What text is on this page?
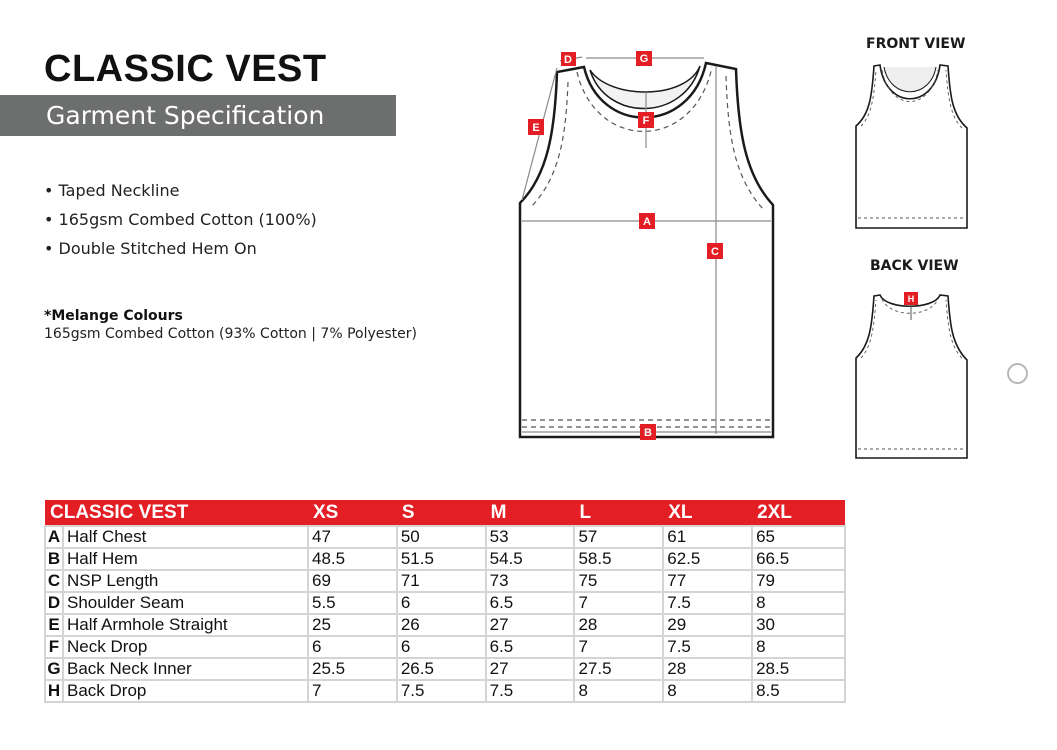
CLASSIC VEST
Garment Specification
• Taped Neckline
• 165gsm Combed Cotton (100%)
• Double Stitched Hem On
*Melange Colours
165gsm Combed Cotton (93% Cotton | 7% Polyester)
A
B
C
D
E
F
G
FRONT VIEW
BACK VIEW
H
CLASSIC VEST		XS	S	M	L	XL	2XL
A	Half Chest	47	50	53	57	61	65
B	Half Hem	48.5	51.5	54.5	58.5	62.5	66.5
C	NSP Length	69	71	73	75	77	79
D	Shoulder Seam	5.5	6	6.5	7	7.5	8
E	Half Armhole Straight	25	26	27	28	29	30
F	Neck Drop	6	6	6.5	7	7.5	8
G	Back Neck Inner	25.5	26.5	27	27.5	28	28.5
H	Back Drop	7	7.5	7.5	8	8	8.5
